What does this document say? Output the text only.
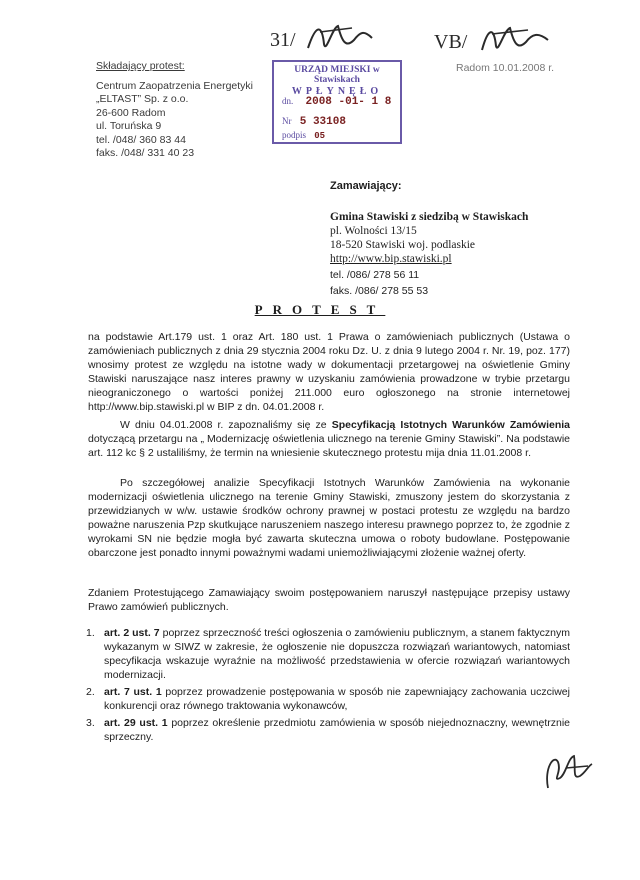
31/	VB/
Radom 10.01.2008 r.
Składający protest:
Centrum Zaopatrzenia Energetyki
„ELTAST” Sp. z o.o.
26-600 Radom
ul. Toruńska 9
tel. /048/ 360 83 44
faks. /048/ 331 40 23
URZĄD MIEJSKI w Stawiskach
WPŁYNĘŁO
dn. 2008 -01- 1 8
Nr 5 33108
podpis 05
Zamawiający:
Gmina Stawiski z siedzibą w Stawiskach
pl. Wolności 13/15
18-520 Stawiski woj. podlaskie
http://www.bip.stawiski.pl
tel. /086/ 278 56 11
faks. /086/ 278 55 53
PROTEST
na podstawie Art.179 ust. 1 oraz Art. 180 ust. 1 Prawa o zamówieniach publicznych (Ustawa o zamówieniach publicznych z dnia 29 stycznia 2004 roku Dz. U. z dnia 9 lutego 2004 r. Nr. 19, poz. 177) wnosimy protest ze względu na istotne wady w dokumentacji przetargowej na oświetlenie Gminy Stawiski naruszające nasz interes prawny w uzyskaniu zamówienia prowadzone w trybie przetargu nieograniczonego o wartości poniżej 211.000 euro ogłoszonego na stronie internetowej http://www.bip.stawiski.pl w BIP z dn. 04.01.2008 r.
W dniu 04.01.2008 r. zapoznaliśmy się ze Specyfikacją Istotnych Warunków Zamówienia dotyczącą przetargu na „ Modernizację oświetlenia ulicznego na terenie Gminy Stawiski”. Na podstawie art. 112 kc § 2 ustaliliśmy, że termin na wniesienie skutecznego protestu mija dnia 11.01.2008 r.
Po szczegółowej analizie Specyfikacji Istotnych Warunków Zamówienia na wykonanie modernizacji oświetlenia ulicznego na terenie Gminy Stawiski, zmuszony jestem do skorzystania z przewidzianych w w/w. ustawie środków ochrony prawnej w postaci protestu ze względu na bardzo poważne naruszenia Pzp skutkujące naruszeniem naszego interesu prawnego poprzez to, że zgodnie z wyrokami SN nie będzie mogła być zawarta skuteczna umowa o roboty budowlane. Postępowanie obarczone jest ponadto innymi poważnymi wadami uniemożliwiającymi złożenie ważnej oferty.
Zdaniem Protestującego Zamawiający swoim postępowaniem naruszył następujące przepisy ustawy Prawo zamówień publicznych.
1. art. 2 ust. 7 poprzez sprzeczność treści ogłoszenia o zamówieniu publicznym, a stanem faktycznym wykazanym w SIWZ w zakresie, że ogłoszenie nie dopuszcza rozwiązań wariantowych, natomiast specyfikacja wskazuje wyraźnie na możliwość przedstawienia w ofercie rozwiązań wariantowych modernizacji.
2. art. 7 ust. 1 poprzez prowadzenie postępowania w sposób nie zapewniający zachowania uczciwej konkurencji oraz równego traktowania wykonawców,
3. art. 29 ust. 1 poprzez określenie przedmiotu zamówienia w sposób niejednoznaczny, wewnętrznie sprzeczny.
